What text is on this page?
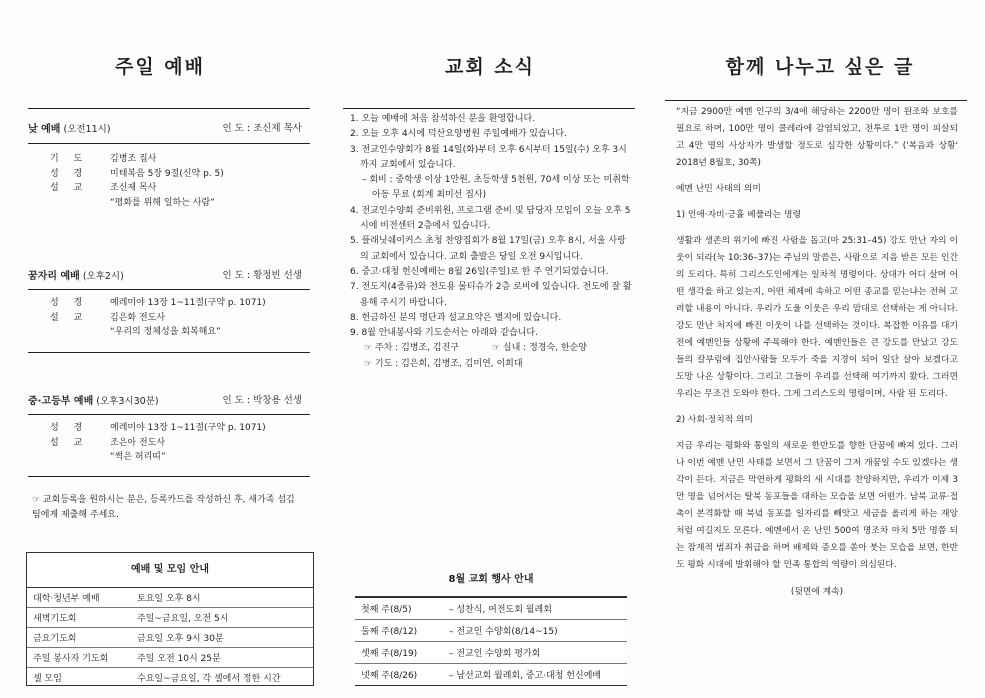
주일 예배
낮 예배 (오전11시)	인 도 : 조신제 목사
기 도 김병조 집사
성 경 미태복음 5장 9절(신약 p. 5)
설 교 조신제 목사
“평화를 위해 일하는 사람”
꿈자리 예배 (오후2시)	인 도 : 황정빈 선생
성 경 예레미야 13장 1~11절(구약 p. 1071)
설 교 김은화 전도사
“우리의 정체성을 회복해요”
중·고등부 예배 (오후3시30분)	인 도 : 박창용 선생
성 경 예레미야 13장 1~11절(구약 p. 1071)
설 교 조은아 전도사
“썩은 허리띠”
☞ 교회등록을 원하시는 분은, 등록카드를 작성하신 후, 새가족 섬김팀에게 제출해 주세요.
예배 및 모임 안내
대학·청년부 예배	토요일 오후 8시
새벽기도회	주일~금요일, 오전 5시
금요기도회	금요일 오후 9시 30분
주일 봉사자 기도회	주일 오전 10시 25분
셀 모임	수요일~금요일, 각 셀에서 정한 시간
교회 소식
1. 오늘 예배에 처음 참석하신 분을 환영합니다.
2. 오늘 오후 4시에 덕산요양병원 주일예배가 있습니다.
3. 전교인수양회가 8월 14일(화)부터 오후 6시부터 15일(수) 오후 3시까지 교회에서 있습니다.
– 회비 : 중학생 이상 1만원, 초등학생 5천원, 70세 이상 또는 미취학아동 무료 (회계 최미선 집사)
4. 전교인수양회 준비위원, 프로그램 준비 및 담당자 모임이 오늘 오후 5시에 비전센터 2층에서 있습니다.
5. 플래닛쉐이커스 초청 찬양집회가 8월 17일(금) 오후 8시, 서울 사랑의 교회에서 있습니다. 교회 출발은 당일 오전 9시입니다.
6. 중고·대청 헌신예배는 8월 26일(주일)로 한 주 연기되었습니다.
7. 전도지(4종류)와 전도용 물티슈가 2층 로비에 있습니다. 전도에 잘 활용해 주시기 바랍니다.
8. 헌금하신 분의 명단과 설교요약은 별지에 있습니다.
9. 8월 안내봉사와 기도순서는 아래와 같습니다.
☞ 주차 : 김병조, 김진구	☞ 실내 : 정경숙, 한순양
☞ 기도 : 김은희, 김병조, 김미연, 이희대
8월 교회 행사 안내
첫째 주(8/5)	– 성찬식, 여전도회 월례회
둘째 주(8/12)	– 전교인 수양회(8/14~15)
셋째 주(8/19)	– 전교인 수양회 평가회
넷째 주(8/26)	– 남선교회 월례회, 중고·대청 헌신예배
함께 나누고 싶은 글
“지금 2900만 예멘 인구의 3/4에 해당하는 2200만 명이 원조와 보호를 필요로 하며, 100만 명이 콜레라에 감염되었고, 전투로 1만 명이 피살되고 4만 명의 사상자가 발생할 정도로 심각한 상황이다.” ('복음과 상황' 2018년 8월호, 30쪽)
예멘 난민 사태의 의미
1) 인애·자비·긍휼 베풀라는 명령
생활과 생존의 위기에 빠진 사람을 돕고(마 25:31–45) 강도 만난 자의 이웃이 되라(눅 10:36–37)는 주님의 말씀은, 사람으로 지음 받은 모든 인간의 도리다. 특히 그리스도인에게는 일차적 명령이다. 상대가 어디 살며 어떤 생각을 하고 있는지, 어떤 체제에 속하고 어떤 종교를 믿는냐는 전혀 고려할 내용이 아니다. 우리가 도울 이웃은 우리 맘대로 선택하는 게 아니다. 강도 만난 처지에 빠진 이웃이 나를 선택하는 것이다. 복잡한 이유를 대기 전에 예멘인들 상황에 주목해야 한다. 예멘인들은 큰 강도를 만났고 강도들의 칼부림에 집안사람들 모두가 죽을 지경이 되어 일단 살아 보겠다고 도망 나온 상황이다. 그리고 그들이 우리를 선택해 여기까지 왔다. 그러면 우리는 무조건 도와야 한다. 그게 그리스도의 명령이며, 사람 된 도리다.
2) 사회·정치적 의미
지금 우리는 평화와 통일의 새로운 한반도를 향한 단꿈에 빠져 있다. 그러나 이번 예멘 난민 사태를 보면서 그 단꿈이 그저 개꿈일 수도 있겠다는 생각이 든다. 지금은 막연하게 평화의 새 시대를 찬양하지만, 우리가 이제 3만 명을 넘어서는 탈북 동포들을 대하는 모습을 보면 어떤가. 남북 교류·접촉이 본격화할 때 북녘 동포를 일자리를 빼앗고 세금을 올리게 하는 재앙처럼 여길지도 모른다. 예멘에서 온 난민 500여 명조차 마치 5만 명쯤 되는 잠재적 범죄자 취급을 하며 배제와 증오를 쏟아 붓는 모습을 보면, 한반도 평화 시대에 발휘해야 할 민족 통합의 역량이 의심된다.
(뒷면에 계속)
